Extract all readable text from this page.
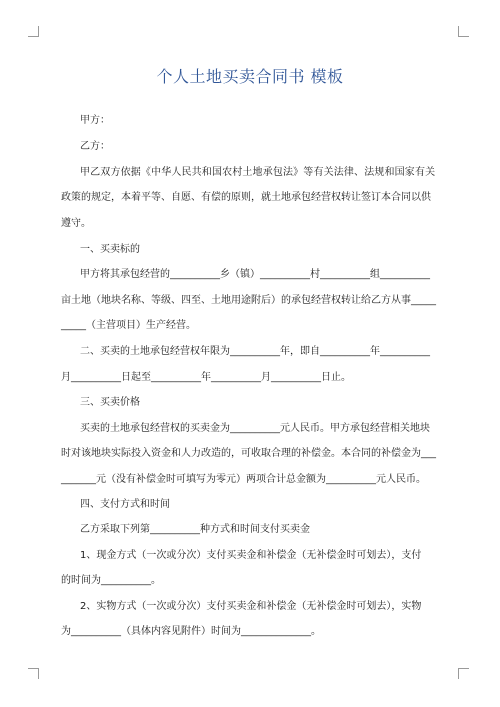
个人土地买卖合同书 模板
甲方：
乙方：
甲乙双方依据《中华人民共和国农村土地承包法》等有关法律、法规和国家有关
政策的规定，本着平等、自愿、有偿的原则，就土地承包经营权转让签订本合同以供
遵守。
一、买卖标的
甲方将其承包经营的__________乡（镇）__________村__________组__________
亩土地（地块名称、等级、四至、土地用途附后）的承包经营权转让给乙方从事_____
_____（主营项目）生产经营。
二、买卖的土地承包经营权年限为__________年，即自__________年__________
月__________日起至__________年__________月__________日止。
三、买卖价格
买卖的土地承包经营权的买卖金为__________元人民币。甲方承包经营相关地块
时对该地块实际投入资金和人力改造的，可收取合理的补偿金。本合同的补偿金为___
_______元（没有补偿金时可填写为零元）两项合计总金额为__________元人民币。
四、支付方式和时间
乙方采取下列第__________种方式和时间支付买卖金
1、现金方式（一次或分次）支付买卖金和补偿金（无补偿金时可划去），支付
的时间为__________。
2、实物方式（一次或分次）支付买卖金和补偿金（无补偿金时可划去），实物
为__________（具体内容见附件）时间为______________。
